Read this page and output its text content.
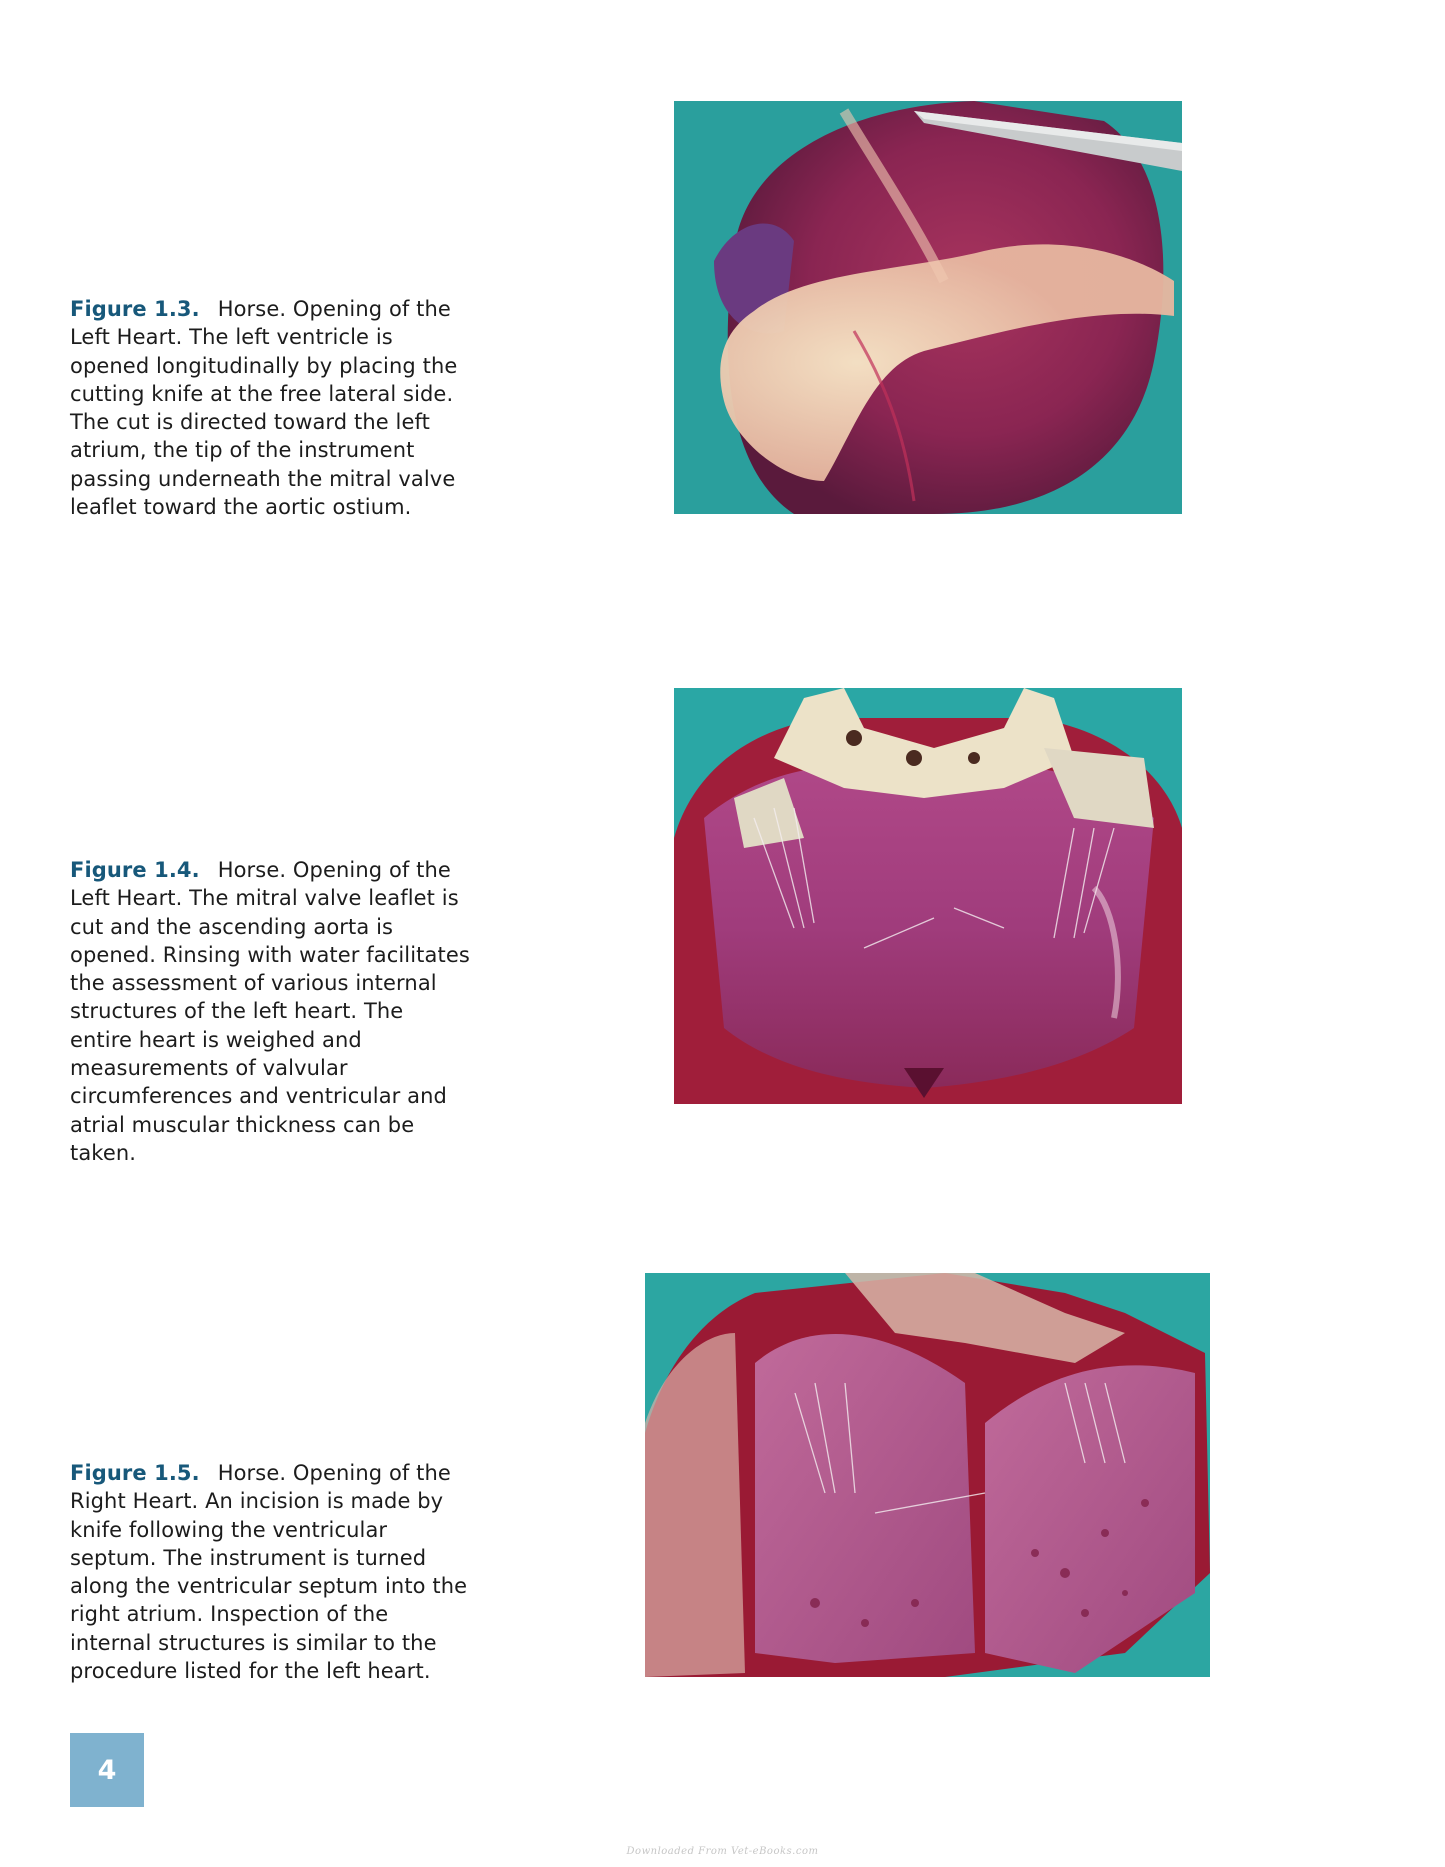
Figure 1.3. Horse. Opening of the Left Heart. The left ventricle is opened longitudinally by placing the cutting knife at the free lateral side. The cut is directed toward the left atrium, the tip of the instrument passing underneath the mitral valve leaflet toward the aortic ostium.
Figure 1.4. Horse. Opening of the Left Heart. The mitral valve leaflet is cut and the ascending aorta is opened. Rinsing with water facilitates the assessment of various internal structures of the left heart. The entire heart is weighed and measurements of valvular circumferences and ventricular and atrial muscular thickness can be taken.
Figure 1.5. Horse. Opening of the Right Heart. An incision is made by knife following the ventricular septum. The instrument is turned along the ventricular septum into the right atrium. Inspection of the internal structures is similar to the procedure listed for the left heart.
4
Downloaded From Vet-eBooks.com
